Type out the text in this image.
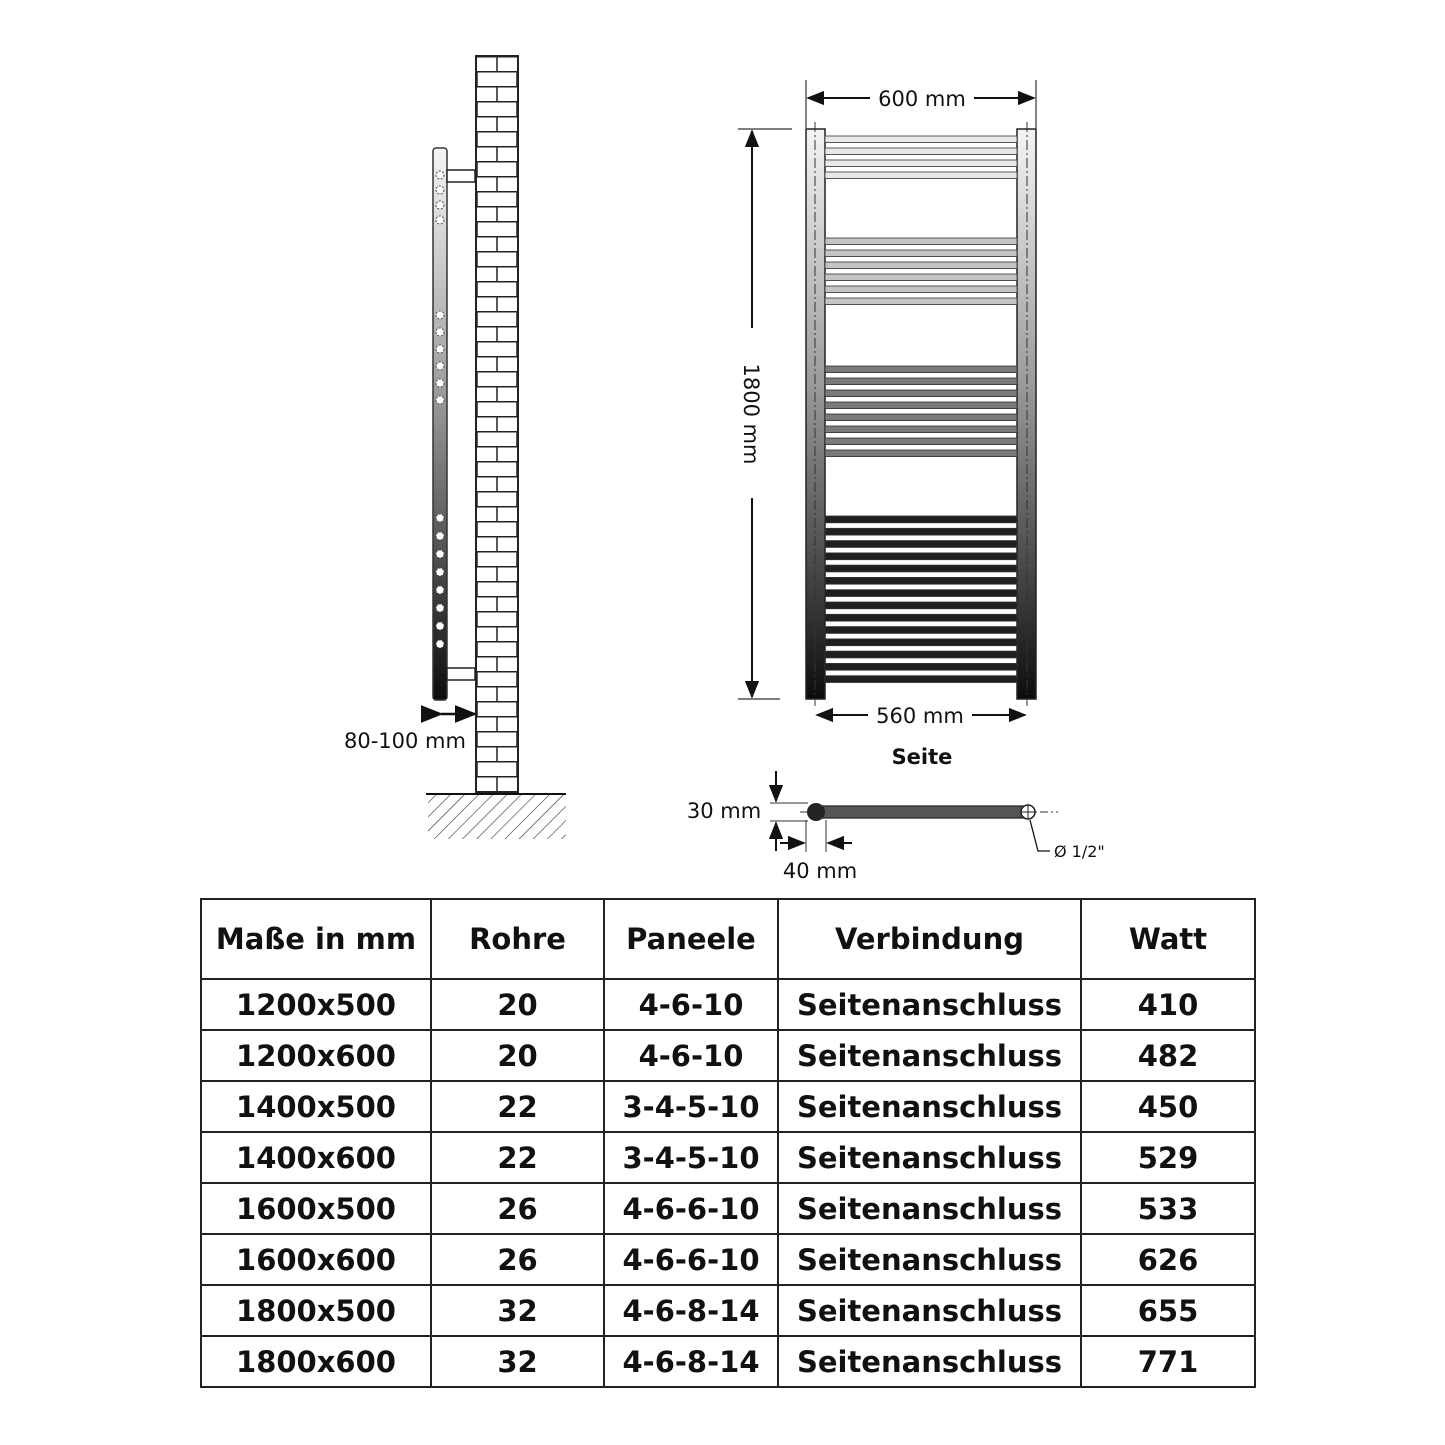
80-100 mm
600 mm
1800 mm
560 mm
Seite
30 mm
40 mm
Ø 1/2"
Maße in mm	Rohre	Paneele	Verbindung	Watt
1200x500	20	4-6-10	Seitenanschluss	410
1200x600	20	4-6-10	Seitenanschluss	482
1400x500	22	3-4-5-10	Seitenanschluss	450
1400x600	22	3-4-5-10	Seitenanschluss	529
1600x500	26	4-6-6-10	Seitenanschluss	533
1600x600	26	4-6-6-10	Seitenanschluss	626
1800x500	32	4-6-8-14	Seitenanschluss	655
1800x600	32	4-6-8-14	Seitenanschluss	771
